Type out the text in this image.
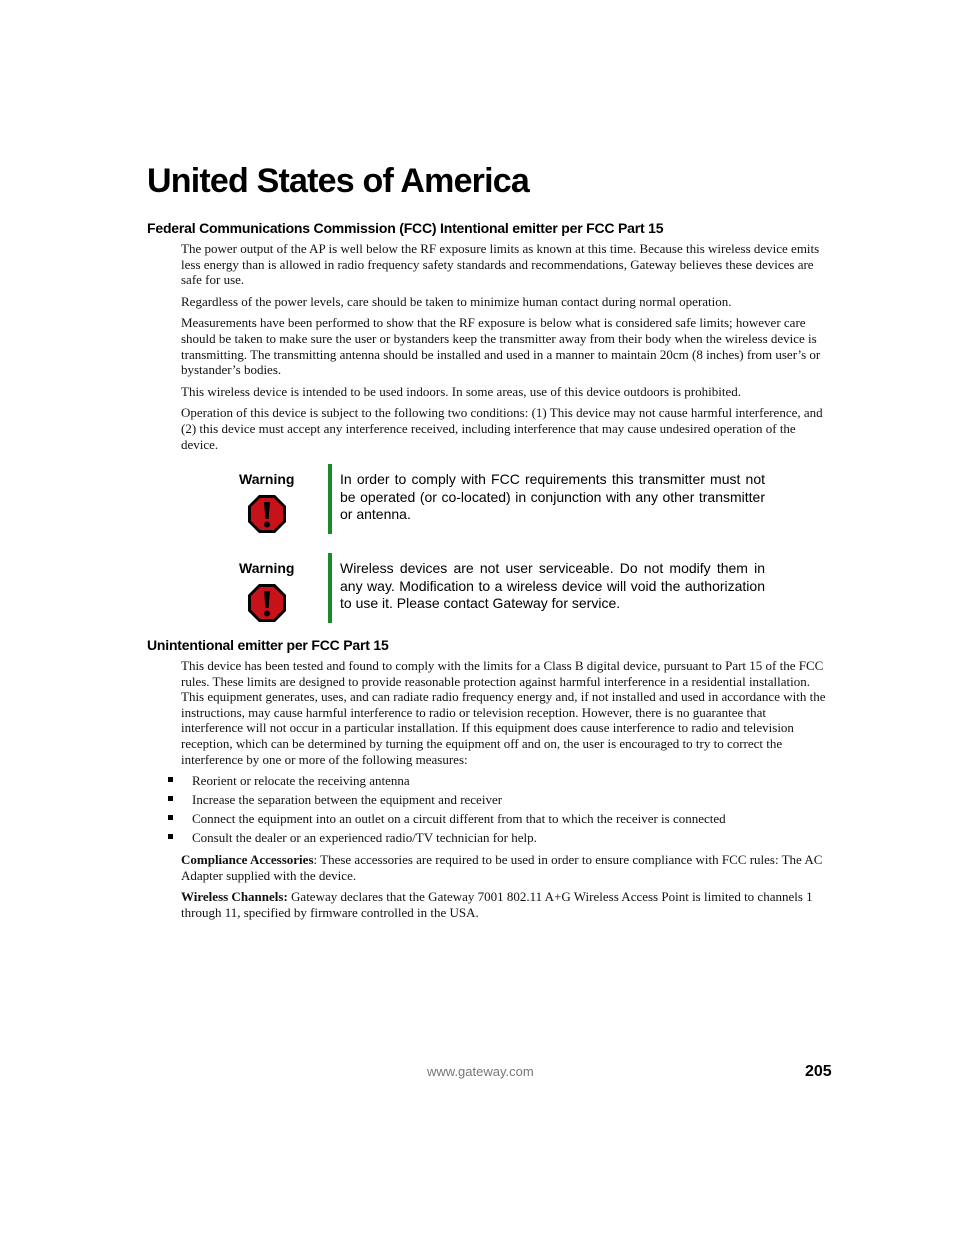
United States of America
Federal Communications Commission (FCC) Intentional emitter per FCC Part 15

The power output of the AP is well below the RF exposure limits as known at this time. Because this wireless device emits less energy than is allowed in radio frequency safety standards and recommendations, Gateway believes these devices are safe for use.

Regardless of the power levels, care should be taken to minimize human contact during normal operation.

Measurements have been performed to show that the RF exposure is below what is considered safe limits; however care should be taken to make sure the user or bystanders keep the transmitter away from their body when the wireless device is transmitting. The transmitting antenna should be installed and used in a manner to maintain 20cm (8 inches) from user’s or bystander’s bodies.

This wireless device is intended to be used indoors. In some areas, use of this device outdoors is prohibited.

Operation of this device is subject to the following two conditions: (1) This device may not cause harmful interference, and (2) this device must accept any interference received, including interference that may cause undesired operation of the device.

Warning	In order to comply with FCC requirements this transmitter must not be operated (or co-located) in conjunction with any other transmitter or antenna.
Warning	Wireless devices are not user serviceable. Do not modify them in any way. Modification to a wireless device will void the authorization to use it. Please contact Gateway for service.
Unintentional emitter per FCC Part 15

This device has been tested and found to comply with the limits for a Class B digital device, pursuant to Part 15 of the FCC rules. These limits are designed to provide reasonable protection against harmful interference in a residential installation. This equipment generates, uses, and can radiate radio frequency energy and, if not installed and used in accordance with the instructions, may cause harmful interference to radio or television reception. However, there is no guarantee that interference will not occur in a particular installation. If this equipment does cause interference to radio and television reception, which can be determined by turning the equipment off and on, the user is encouraged to try to correct the interference by one or more of the following measures:

Reorient or relocate the receiving antenna
Increase the separation between the equipment and receiver
Connect the equipment into an outlet on a circuit different from that to which the receiver is connected
Consult the dealer or an experienced radio/TV technician for help.

Compliance Accessories: These accessories are required to be used in order to ensure compliance with FCC rules: The AC Adapter supplied with the device.

Wireless Channels: Gateway declares that the Gateway 7001 802.11 A+G Wireless Access Point is limited to channels 1 through 11, specified by firmware controlled in the USA.

www.gateway.com	205
